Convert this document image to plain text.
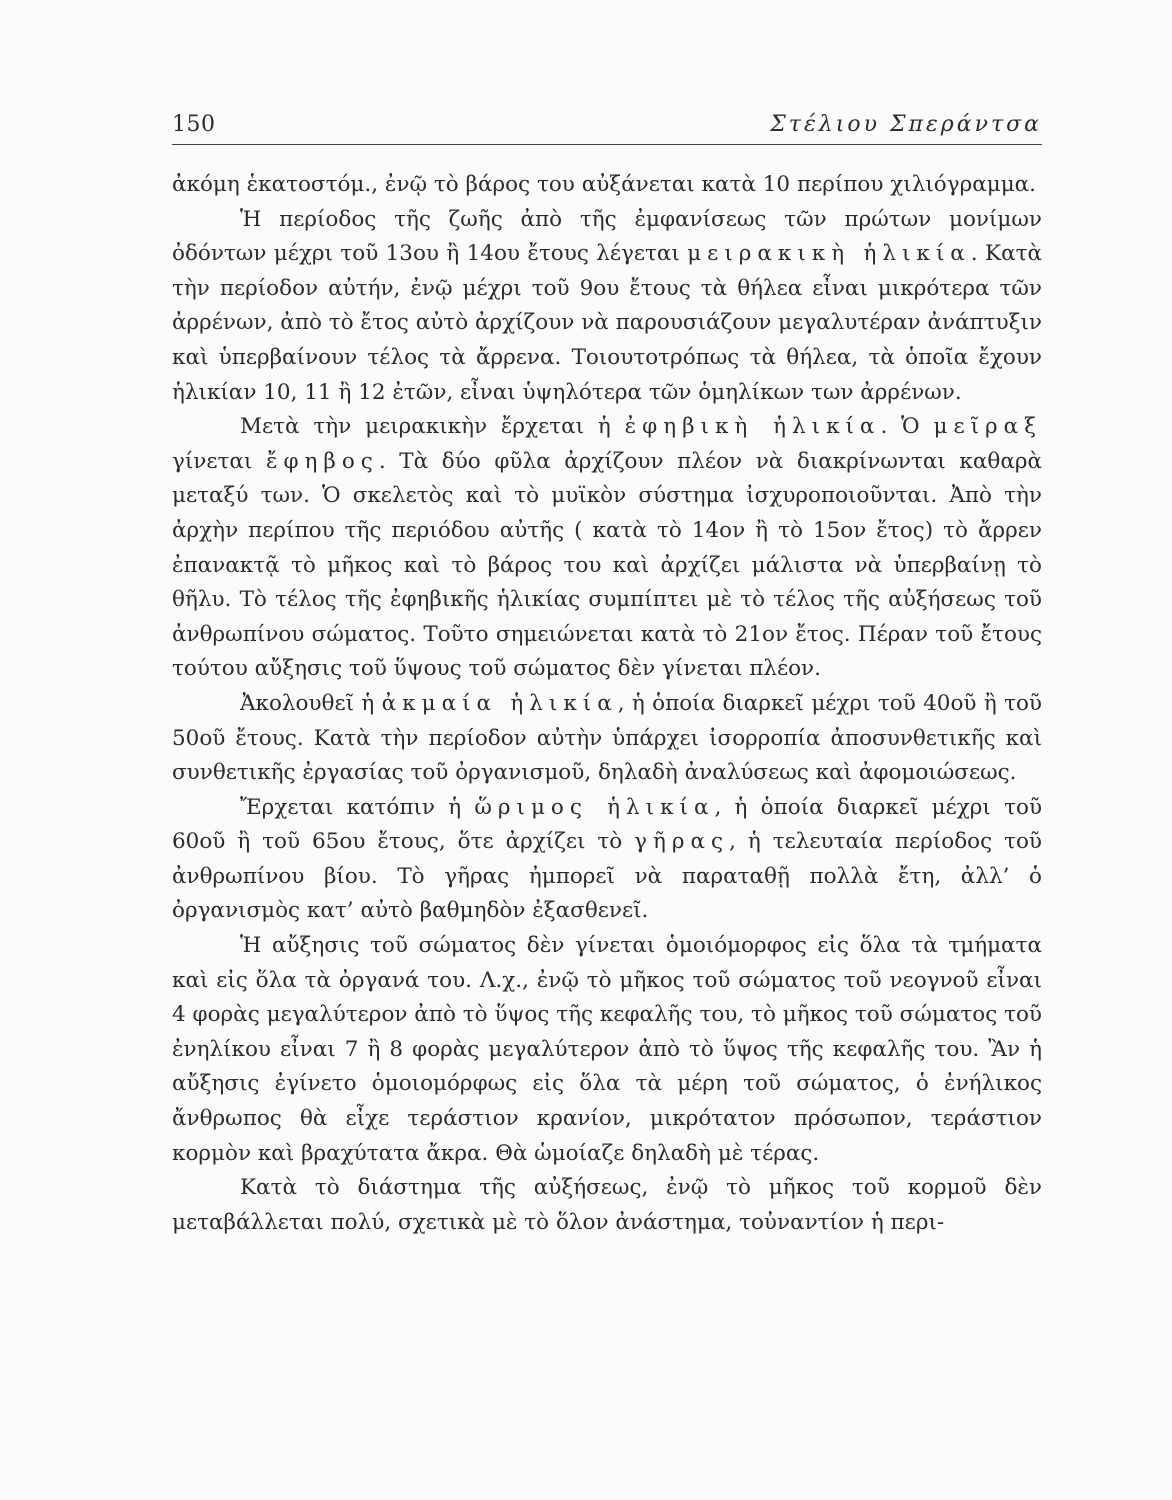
150	Στέλιου Σπεράντσα

ἀκόμη ἑκατοστόμ., ἐνῷ τὸ βάρος του αὐξάνεται κατὰ 10 περίπου χιλιόγραμμα.

Ἡ περίοδος τῆς ζωῆς ἀπὸ τῆς ἐμφανίσεως τῶν πρώτων μονίμων ὀδόντων μέχρι τοῦ 13ου ἢ 14ου ἔτους λέγεται μειρακικὴ ἡλικία. Κατὰ τὴν περίοδον αὐτήν, ἐνῷ μέχρι τοῦ 9ου ἔτους τὰ θήλεα εἶναι μικρότερα τῶν ἀρρένων, ἀπὸ τὸ ἔτος αὐτὸ ἀρχίζουν νὰ παρουσιάζουν μεγαλυτέραν ἀνάπτυξιν καὶ ὑπερβαίνουν τέλος τὰ ἄρρενα. Τοιουτοτρόπως τὰ θήλεα, τὰ ὁποῖα ἔχουν ἡλικίαν 10, 11 ἢ 12 ἐτῶν, εἶναι ὑψηλότερα τῶν ὁμηλίκων των ἀρρένων.

Μετὰ τὴν μειρακικὴν ἔρχεται ἡ ἐφηβικὴ ἡλικία. Ὁ μεῖραξ γίνεται ἔφηβος. Τὰ δύο φῦλα ἀρχίζουν πλέον νὰ διακρίνωνται καθαρὰ μεταξύ των. Ὁ σκελετὸς καὶ τὸ μυϊκὸν σύστημα ἰσχυροποιοῦνται. Ἀπὸ τὴν ἀρχὴν περίπου τῆς περιόδου αὐτῆς ( κατὰ τὸ 14ον ἢ τὸ 15ον ἔτος) τὸ ἄρρεν ἐπανακτᾷ τὸ μῆκος καὶ τὸ βάρος του καὶ ἀρχίζει μάλιστα νὰ ὑπερβαίνῃ τὸ θῆλυ. Τὸ τέλος τῆς ἐφηβικῆς ἡλικίας συμπίπτει μὲ τὸ τέλος τῆς αὐξήσεως τοῦ ἀνθρωπίνου σώματος. Τοῦτο σημειώνεται κατὰ τὸ 21ον ἔτος. Πέραν τοῦ ἔτους τούτου αὔξησις τοῦ ὕψους τοῦ σώματος δὲν γίνεται πλέον.

Ἀκολουθεῖ ἡ ἀκμαία ἡλικία, ἡ ὁποία διαρκεῖ μέχρι τοῦ 40οῦ ἢ τοῦ 50οῦ ἔτους. Κατὰ τὴν περίοδον αὐτὴν ὑπάρχει ἰσορροπία ἀποσυνθετικῆς καὶ συνθετικῆς ἐργασίας τοῦ ὀργανισμοῦ, δηλαδὴ ἀναλύσεως καὶ ἀφομοιώσεως.

Ἔρχεται κατόπιν ἡ ὥριμος ἡλικία, ἡ ὁποία διαρκεῖ μέχρι τοῦ 60οῦ ἢ τοῦ 65ου ἔτους, ὅτε ἀρχίζει τὸ γῆρας, ἡ τελευταία περίοδος τοῦ ἀνθρωπίνου βίου. Τὸ γῆρας ἠμπορεῖ νὰ παραταθῇ πολλὰ ἔτη, ἀλλ’ ὁ ὀργανισμὸς κατ’ αὐτὸ βαθμηδὸν ἐξασθενεῖ.

Ἡ αὔξησις τοῦ σώματος δὲν γίνεται ὁμοιόμορφος εἰς ὅλα τὰ τμήματα καὶ εἰς ὅλα τὰ ὀργανά του. Λ.χ., ἐνῷ τὸ μῆκος τοῦ σώματος τοῦ νεογνοῦ εἶναι 4 φορὰς μεγαλύτερον ἀπὸ τὸ ὕψος τῆς κεφαλῆς του, τὸ μῆκος τοῦ σώματος τοῦ ἐνηλίκου εἶναι 7 ἢ 8 φορὰς μεγαλύτερον ἀπὸ τὸ ὕψος τῆς κεφαλῆς του. Ἂν ἡ αὔξησις ἐγίνετο ὁμοιομόρφως εἰς ὅλα τὰ μέρη τοῦ σώματος, ὁ ἐνήλικος ἄνθρωπος θὰ εἶχε τεράστιον κρανίον, μικρότατον πρόσωπον, τεράστιον κορμὸν καὶ βραχύτατα ἄκρα. Θὰ ὡμοίαζε δηλαδὴ μὲ τέρας.

Κατὰ τὸ διάστημα τῆς αὐξήσεως, ἐνῷ τὸ μῆκος τοῦ κορμοῦ δὲν μεταβάλλεται πολύ, σχετικὰ μὲ τὸ ὅλον ἀνάστημα, τοὐναντίον ἡ περι-
